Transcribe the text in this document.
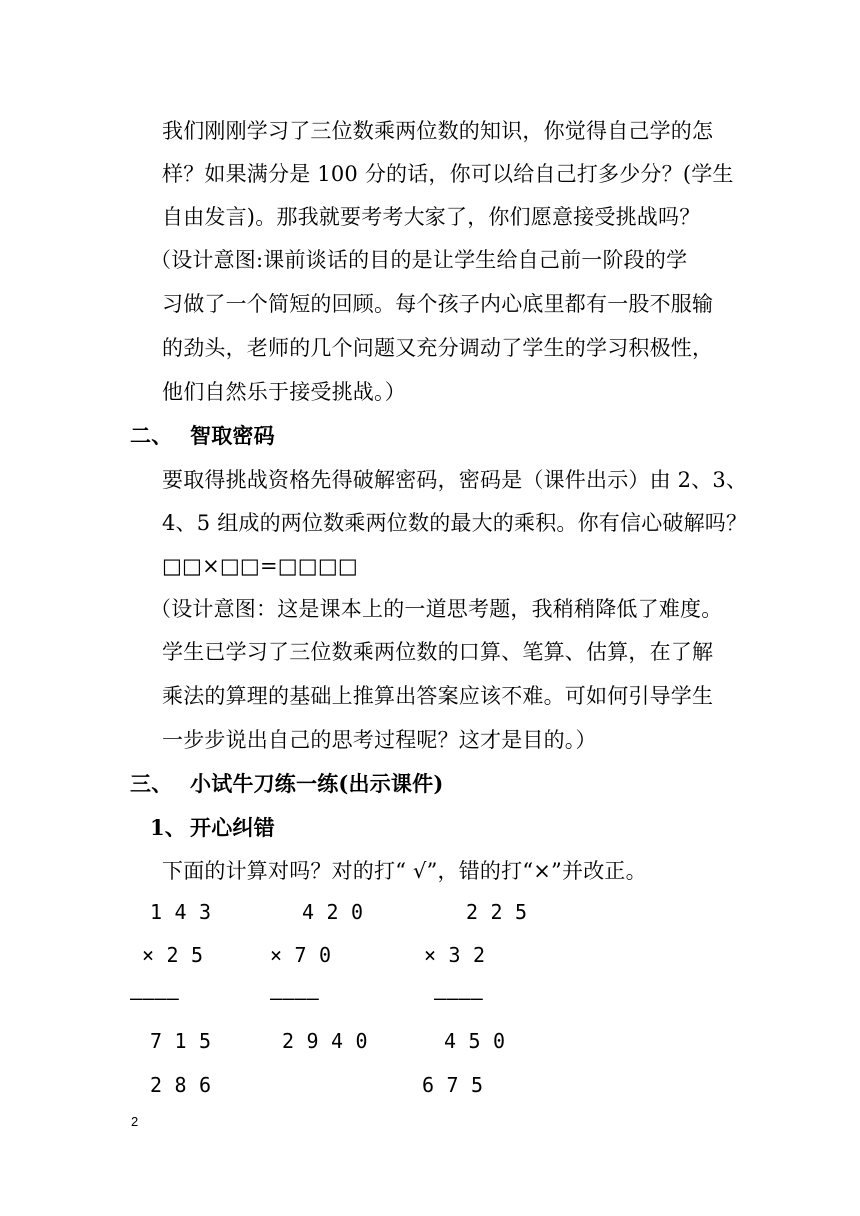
我们刚刚学习了三位数乘两位数的知识，你觉得自己学的怎
样？如果满分是 100 分的话，你可以给自己打多少分？(学生
自由发言)。那我就要考考大家了，你们愿意接受挑战吗？
（设计意图:课前谈话的目的是让学生给自己前一阶段的学
习做了一个简短的回顾。每个孩子内心底里都有一股不服输
的劲头，老师的几个问题又充分调动了学生的学习积极性，
他们自然乐于接受挑战。）
二、 智取密码
要取得挑战资格先得破解密码，密码是（课件出示）由 2、3、
4、5 组成的两位数乘两位数的最大的乘积。你有信心破解吗？
□□×□□=□□□□
（设计意图：这是课本上的一道思考题，我稍稍降低了难度。
学生已学习了三位数乘两位数的口算、笔算、估算，在了解
乘法的算理的基础上推算出答案应该不难。可如何引导学生
一步步说出自己的思考过程呢？这才是目的。）
三、 小试牛刀练一练(出示课件)
1、 开心纠错
下面的计算对吗？对的打“ √”，错的打“×”并改正。
1 4 3
× 2 5
————
7 1 5
2 8 6
4 2 0
× 7 0
————
2 9 4 0
2 2 5
× 3 2
————
4 5 0
6 7 5
2
